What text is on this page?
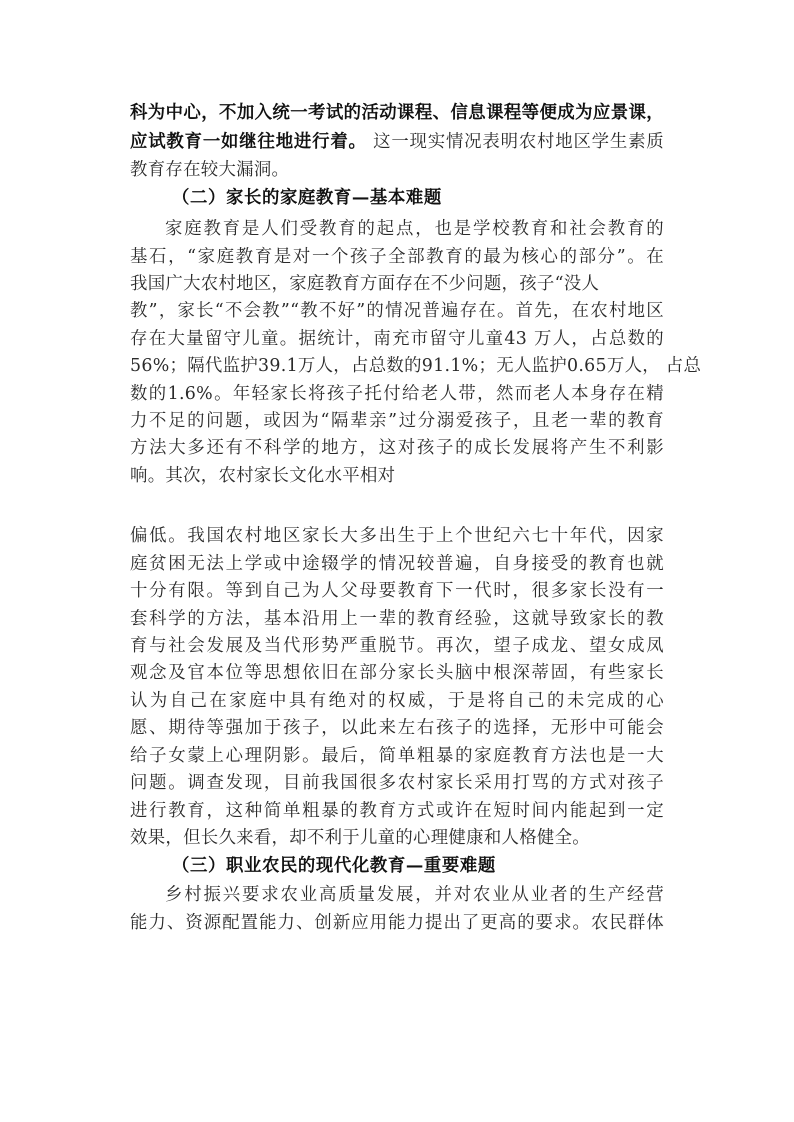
科为中心，不加入统一考试的活动课程、信息课程等便成为应景课，
应试教育一如继往地进行着。 这一现实情况表明农村地区学生素质
教育存在较大漏洞。
（二）家长的家庭教育—基本难题
家庭教育是人们受教育的起点，也是学校教育和社会教育的
基石，“家庭教育是对一个孩子全部教育的最为核心的部分”。在
我国广大农村地区，家庭教育方面存在不少问题，孩子“没人
教”，家长“不会教”“教不好”的情况普遍存在。首先，在农村地区
存在大量留守儿童。据统计，南充市留守儿童43 万人，占总数的
56%；隔代监护39.1万人，占总数的91.1%；无人监护0.65万人， 占总
数的1.6%。年轻家长将孩子托付给老人带，然而老人本身存在精
力不足的问题，或因为“隔辈亲”过分溺爱孩子，且老一辈的教育
方法大多还有不科学的地方，这对孩子的成长发展将产生不利影
响。其次，农村家长文化水平相对
偏低。我国农村地区家长大多出生于上个世纪六七十年代，因家
庭贫困无法上学或中途辍学的情况较普遍，自身接受的教育也就
十分有限。等到自己为人父母要教育下一代时，很多家长没有一
套科学的方法，基本沿用上一辈的教育经验，这就导致家长的教
育与社会发展及当代形势严重脱节。再次，望子成龙、望女成凤
观念及官本位等思想依旧在部分家长头脑中根深蒂固，有些家长
认为自己在家庭中具有绝对的权威，于是将自己的未完成的心
愿、期待等强加于孩子，以此来左右孩子的选择，无形中可能会
给子女蒙上心理阴影。最后，简单粗暴的家庭教育方法也是一大
问题。调查发现，目前我国很多农村家长采用打骂的方式对孩子
进行教育，这种简单粗暴的教育方式或许在短时间内能起到一定
效果，但长久来看，却不利于儿童的心理健康和人格健全。
（三）职业农民的现代化教育—重要难题
乡村振兴要求农业高质量发展，并对农业从业者的生产经营
能力、资源配置能力、创新应用能力提出了更高的要求。农民群体
